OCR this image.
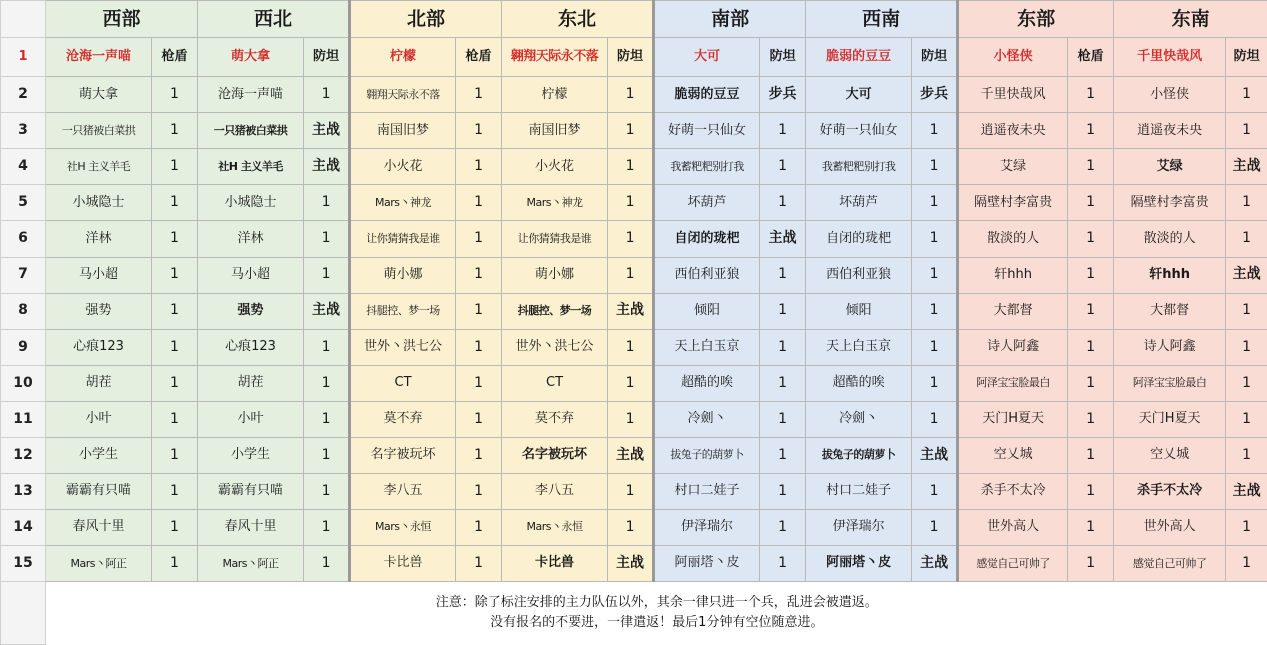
	西部		西北		北部		东北		南部		西南		东部		东南	
1	沧海一声喵	枪盾	萌大拿	防坦	柠檬	枪盾	翱翔天际永不落	防坦	大可	防坦	脆弱的豆豆	防坦	小怪侠	枪盾	千里快哉风	防坦
2	萌大拿	1	沧海一声喵	1	翱翔天际永不落	1	柠檬	1	脆弱的豆豆	步兵	大可	步兵	千里快哉风	1	小怪侠	1
3	一只猪被白菜拱	1	一只猪被白菜拱	主战	南国旧梦	1	南国旧梦	1	好萌一只仙女	1	好萌一只仙女	1	逍遥夜未央	1	逍遥夜未央	1
4	社H 主义羊毛	1	社H 主义羊毛	主战	小火花	1	小火花	1	我蓄粑粑别打我	1	我蓄粑粑别打我	1	艾绿	1	艾绿	主战
5	小城隐士	1	小城隐士	1	Mars丶神龙	1	Mars丶神龙	1	坏葫芦	1	坏葫芦	1	隔壁村李富贵	1	隔壁村李富贵	1
6	洋林	1	洋林	1	让你猜猜我是谁	1	让你猜猜我是谁	1	自闭的珑杷	主战	自闭的珑杷	1	散淡的人	1	散淡的人	1
7	马小超	1	马小超	1	萌小娜	1	萌小娜	1	西伯利亚狼	1	西伯利亚狼	1	轩hhh	1	轩hhh	主战
8	强势	1	强势	主战	抖腿控、梦一场	1	抖腿控、梦一场	主战	倾阳	1	倾阳	1	大都督	1	大都督	1
9	心痕123	1	心痕123	1	世外丶洪七公	1	世外丶洪七公	1	天上白玉京	1	天上白玉京	1	诗人阿鑫	1	诗人阿鑫	1
10	胡茬	1	胡茬	1	CT	1	CT	1	超酷的唉	1	超酷的唉	1	阿泽宝宝脸最白	1	阿泽宝宝脸最白	1
11	小叶	1	小叶	1	莫不弃	1	莫不弃	1	冷劍丶	1	冷劍丶	1	天门H夏天	1	天门H夏天	1
12	小学生	1	小学生	1	名字被玩坏	1	名字被玩坏	主战	拔兔子的葫萝卜	1	拔兔子的葫萝卜	主战	空乂城	1	空乂城	1
13	霸霸有只喵	1	霸霸有只喵	1	李八五	1	李八五	1	村口二娃子	1	村口二娃子	1	杀手不太冷	1	杀手不太冷	主战
14	春风十里	1	春风十里	1	Mars丶永恒	1	Mars丶永恒	1	伊泽瑞尔	1	伊泽瑞尔	1	世外高人	1	世外高人	1
15	Mars丶阿正	1	Mars丶阿正	1	卡比兽	1	卡比兽	主战	阿丽塔丶皮	1	阿丽塔丶皮	主战	感觉自己可帅了	1	感觉自己可帅了	1

	注意：除了标注安排的主力队伍以外，其余一律只进一个兵，乱进会被遣返。
没有报名的不要进，一律遣返！最后1分钟有空位随意进。															
